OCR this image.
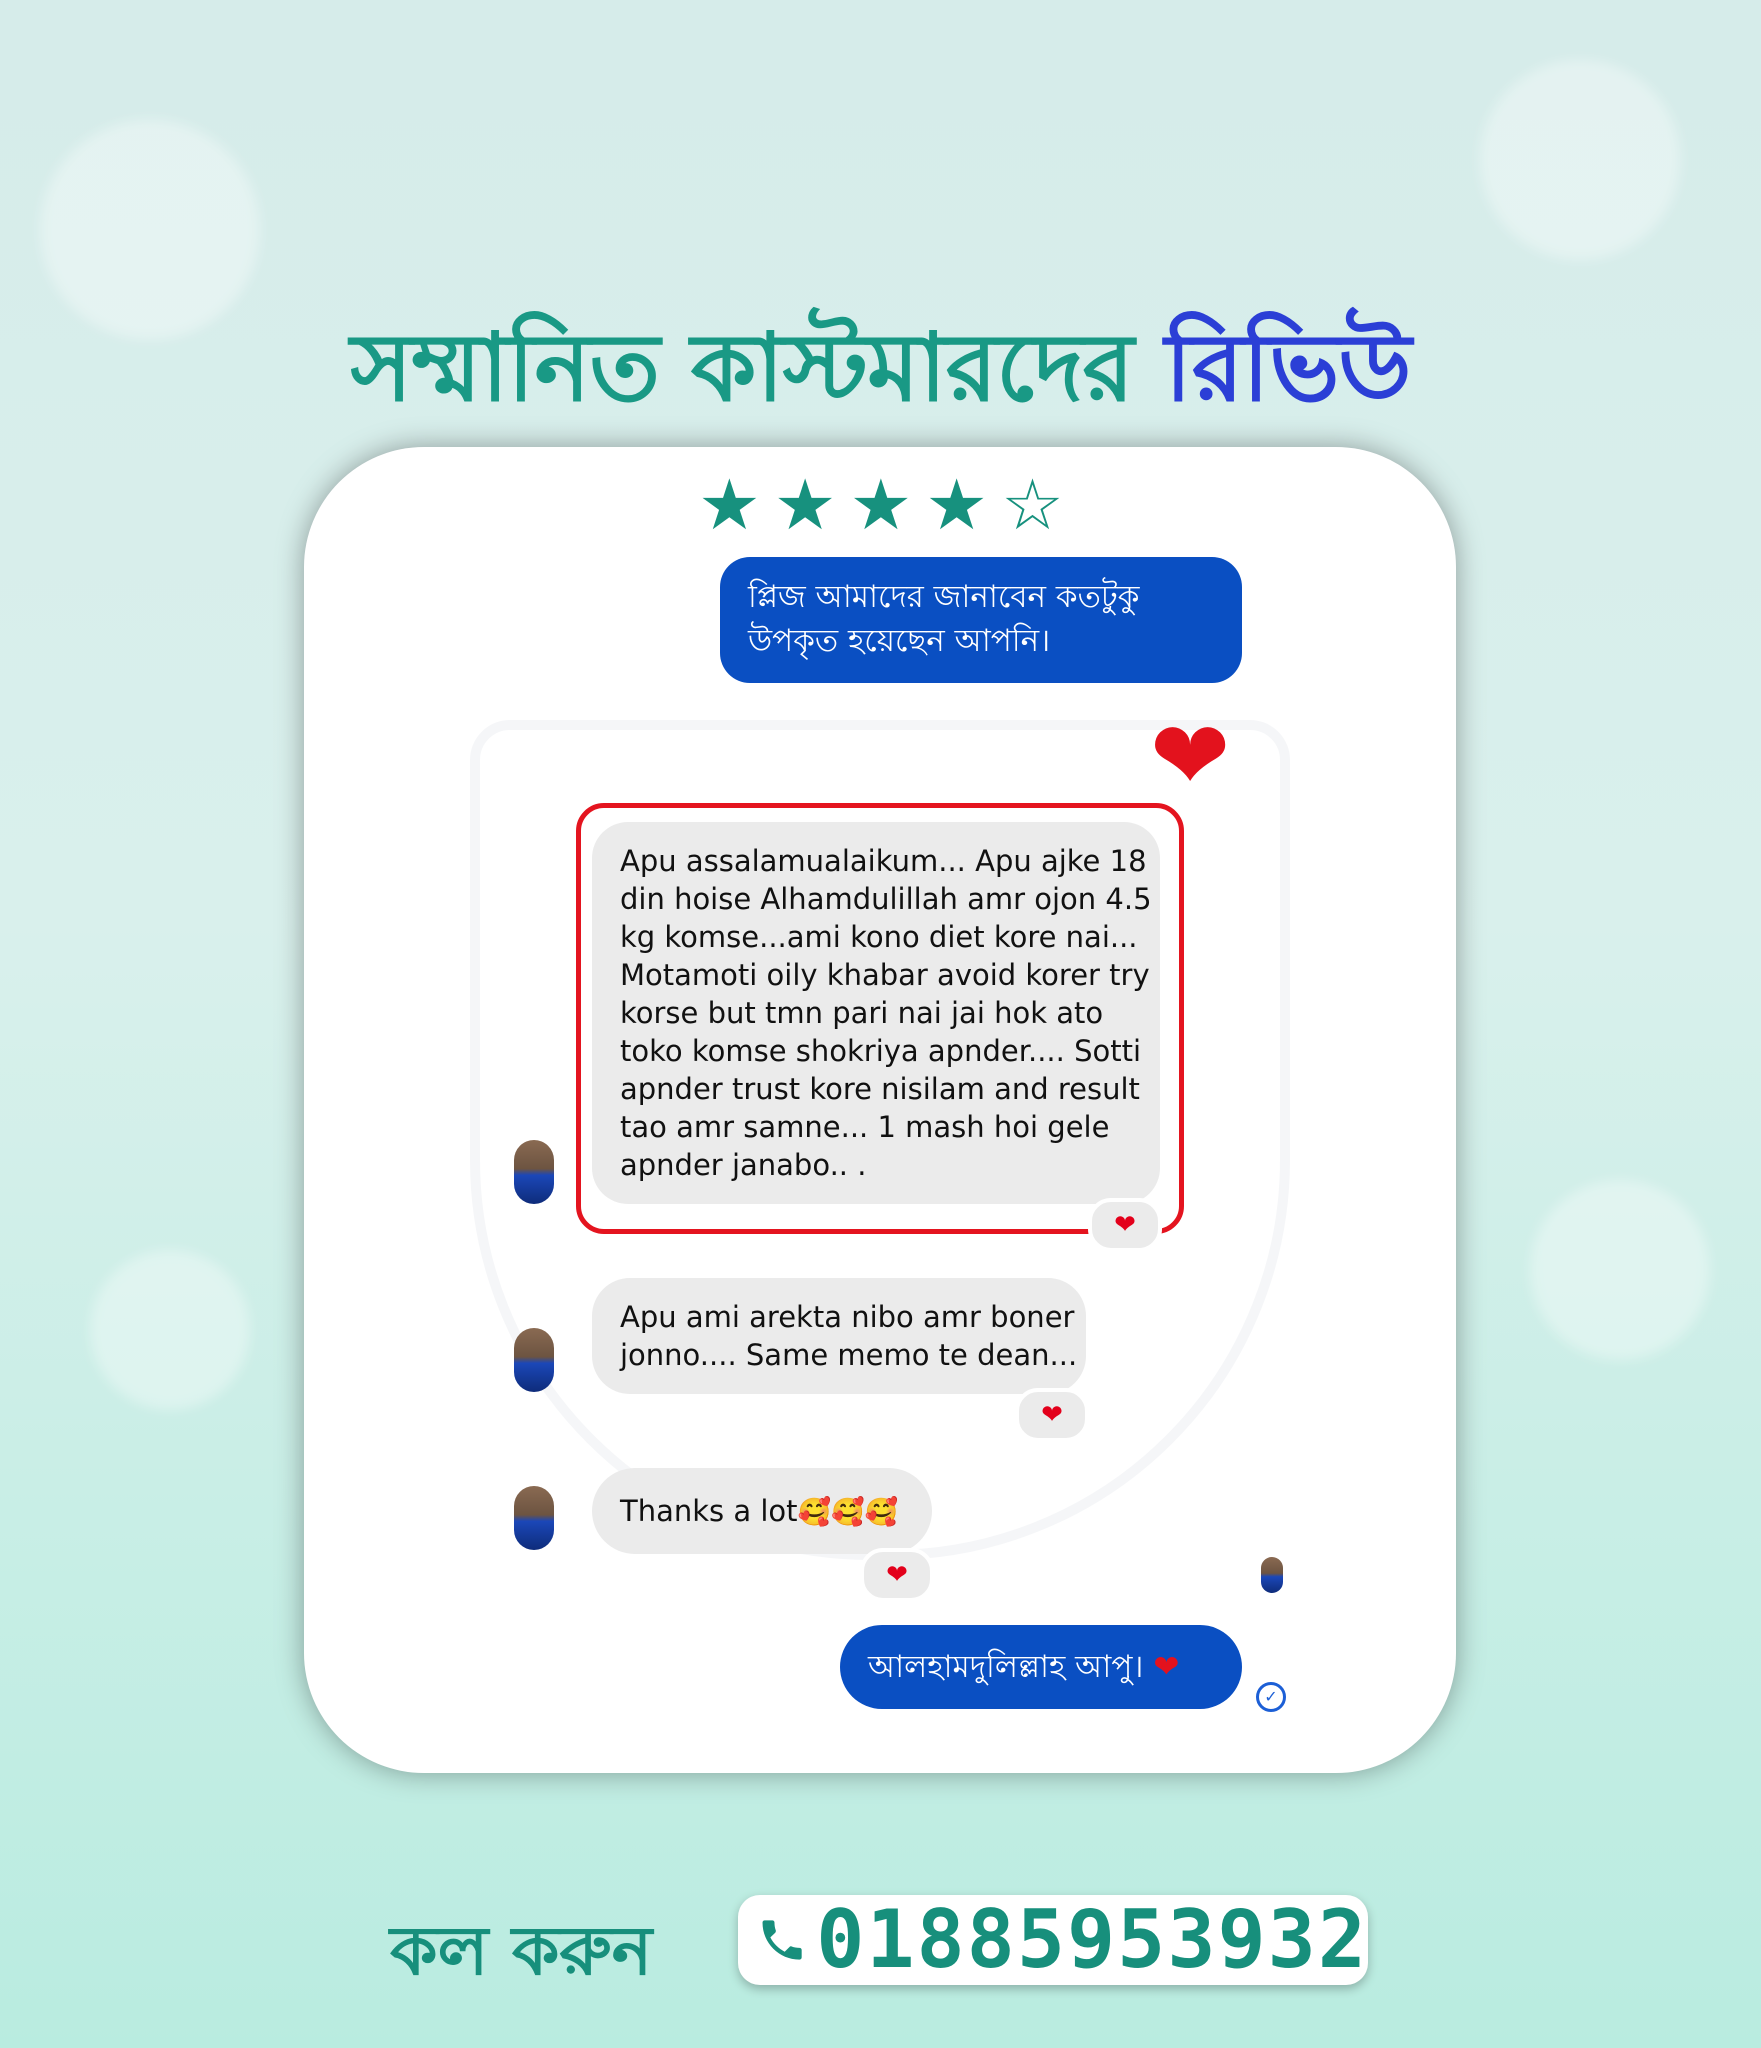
সম্মানিত কাস্টমারদের রিভিউ
★ ★ ★ ★ ☆
প্লিজ আমাদের জানাবেন কতটুকু
উপকৃত হয়েছেন আপনি।
❤
Apu assalamualaikum... Apu ajke 18
din hoise Alhamdulillah amr ojon 4.5
kg komse...ami kono diet kore nai...
Motamoti oily khabar avoid korer try
korse but tmn pari nai jai hok ato
toko komse shokriya apnder.... Sotti
apnder trust kore nisilam and result
tao amr samne... 1 mash hoi gele
apnder janabo.. .
❤
Apu ami arekta nibo amr boner
jonno.... Same memo te dean...
❤
Thanks a lot🥰🥰🥰
❤
আলহামদুলিল্লাহ আপু। ❤
✓
কল করুন 01885953932
